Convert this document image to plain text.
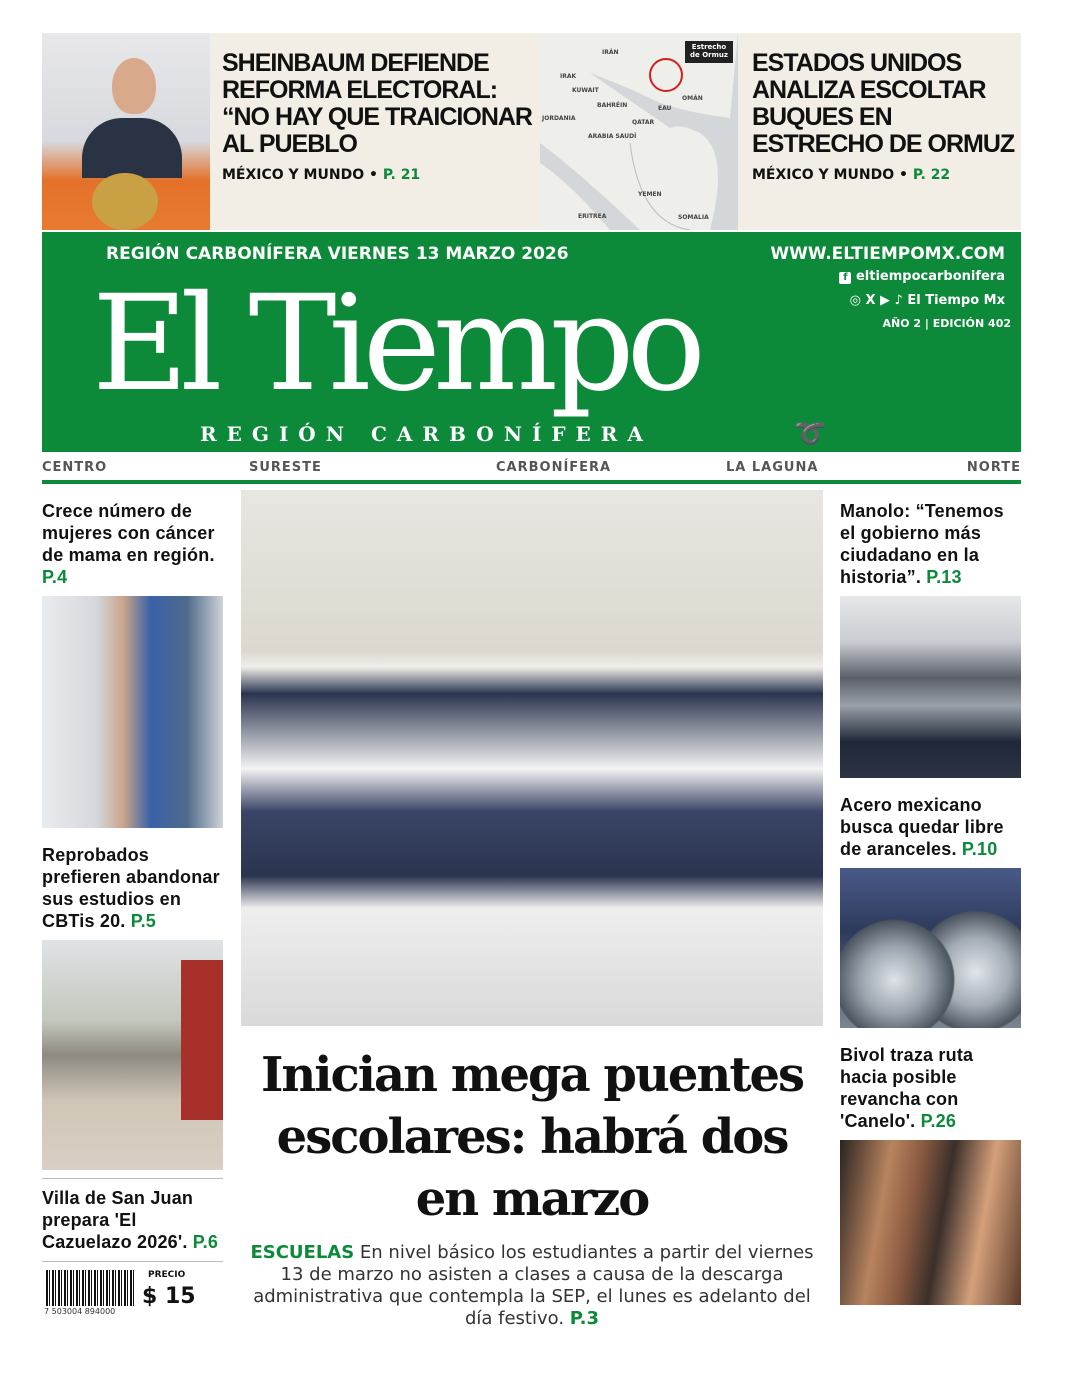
SHEINBAUM DEFIENDE REFORMA ELECTORAL: “NO HAY QUE TRAICIONAR AL PUEBLO
MÉXICO Y MUNDO • P. 21
Estrecho de Ormuz
IRÁN
IRAK
KUWAIT
BAHRÉIN
JORDANIA
QATAR
EAU
OMÁN
ARABIA SAUDÍ
YEMEN
ERITREA	SOMALIA
ESTADOS UNIDOS ANALIZA ESCOLTAR BUQUES EN ESTRECHO DE ORMUZ
MÉXICO Y MUNDO • P. 22
REGIÓN CARBONÍFERA VIERNES 13 MARZO 2026
El Tiempo
REGIÓN CARBONÍFERA	➰
WWW.ELTIEMPOMX.COM
f eltiempocarbonifera
◎ X ▶ ♪ El Tiempo Mx
AÑO 2 | EDICIÓN 402
CENTRO	SURESTE	CARBONÍFERA	LA LAGUNA	NORTE
Crece número de mujeres con cáncer de mama en región. P.4
Reprobados prefieren abandonar sus estudios en CBTis 20. P.5
Villa de San Juan prepara 'El Cazuelazo 2026'. P.6
7 503004 894000
PRECIO
$ 15
Inician mega puentes escolares: habrá dos en marzo
ESCUELAS En nivel básico los estudiantes a partir del viernes 13 de marzo no asisten a clases a causa de la descarga administrativa que contempla la SEP, el lunes es adelanto del día festivo. P.3
Manolo: “Tenemos el gobierno más ciudadano en la historia”. P.13
Acero mexicano busca quedar libre de aranceles. P.10
Bivol traza ruta hacia posible revancha con 'Canelo'. P.26
